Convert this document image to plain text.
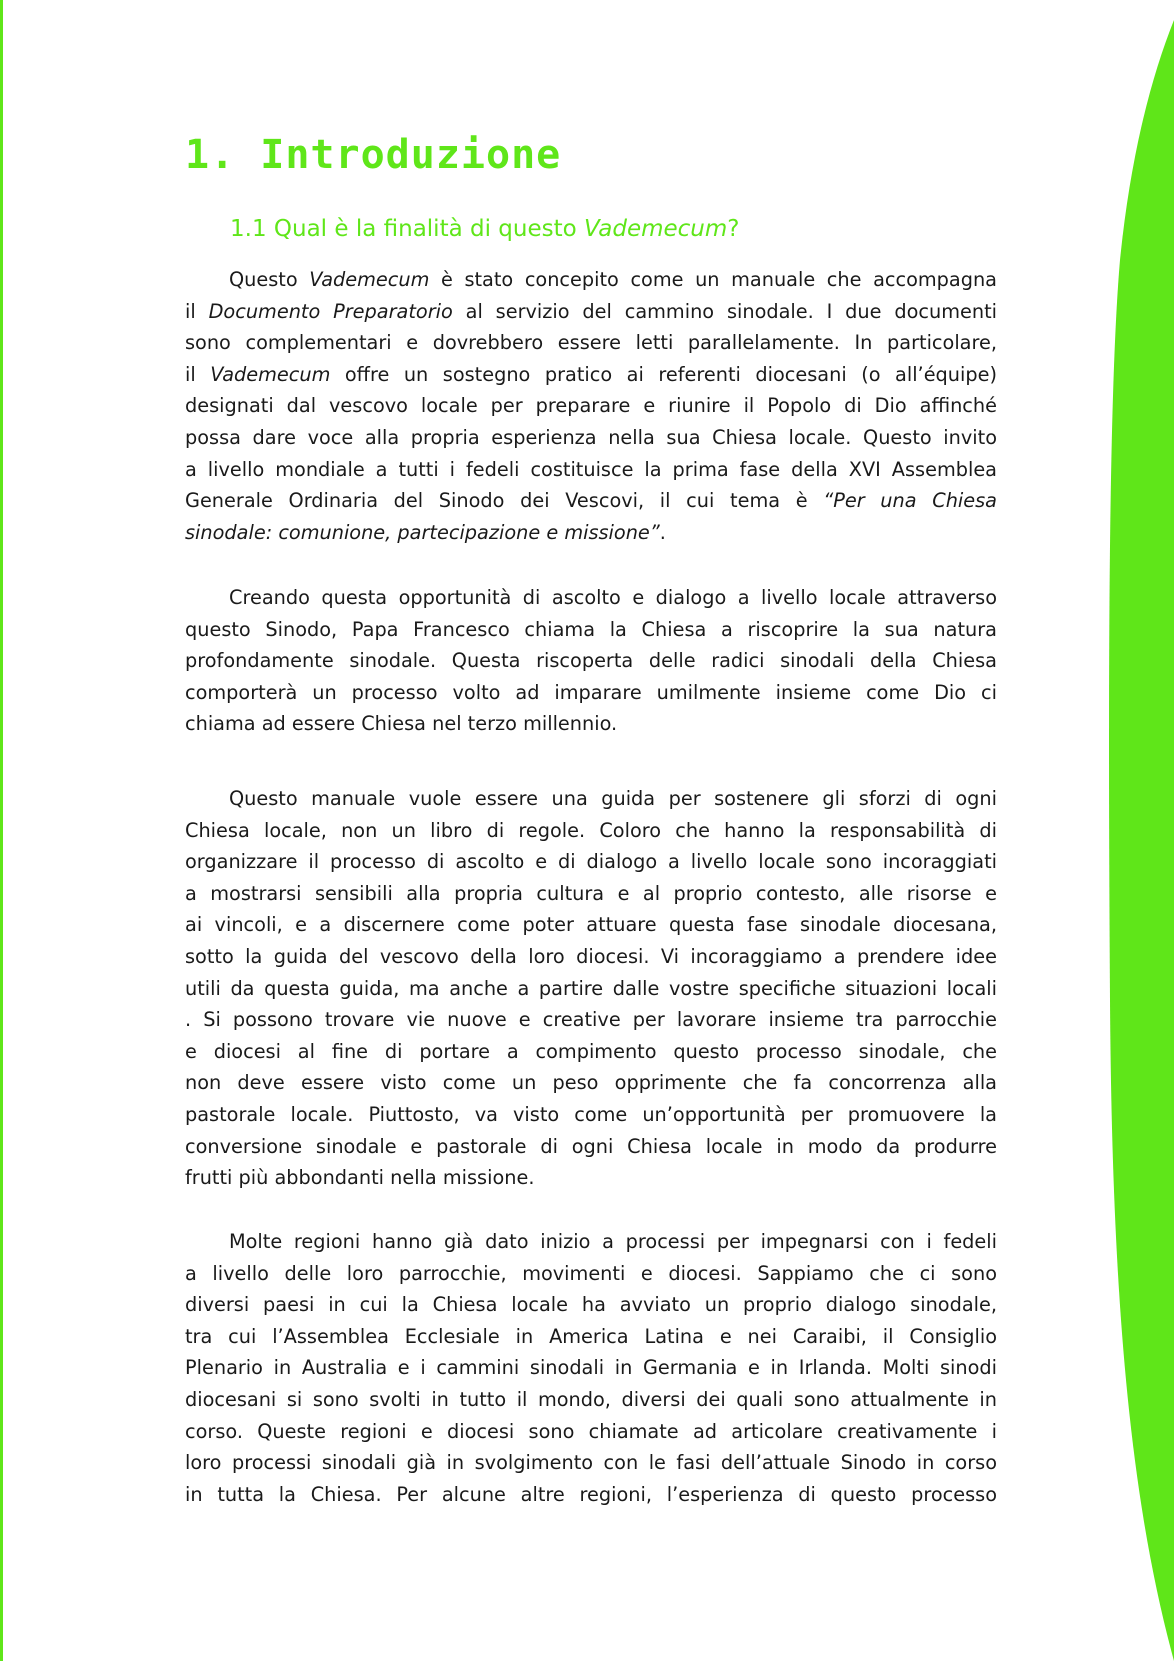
1. Introduzione
1.1 Qual è la finalità di questo Vademecum?
Questo Vademecum è stato concepito come un manuale che accompagna
il Documento Preparatorio al servizio del cammino sinodale. I due documenti
sono complementari e dovrebbero essere letti parallelamente. In particolare,
il Vademecum offre un sostegno pratico ai referenti diocesani (o all’équipe)
designati dal vescovo locale per preparare e riunire il Popolo di Dio affinché
possa dare voce alla propria esperienza nella sua Chiesa locale. Questo invito
a livello mondiale a tutti i fedeli costituisce la prima fase della XVI Assemblea
Generale Ordinaria del Sinodo dei Vescovi, il cui tema è “Per una Chiesa
sinodale: comunione, partecipazione e missione”.
Creando questa opportunità di ascolto e dialogo a livello locale attraverso
questo Sinodo, Papa Francesco chiama la Chiesa a riscoprire la sua natura
profondamente sinodale. Questa riscoperta delle radici sinodali della Chiesa
comporterà un processo volto ad imparare umilmente insieme come Dio ci
chiama ad essere Chiesa nel terzo millennio.
Questo manuale vuole essere una guida per sostenere gli sforzi di ogni
Chiesa locale, non un libro di regole. Coloro che hanno la responsabilità di
organizzare il processo di ascolto e di dialogo a livello locale sono incoraggiati
a mostrarsi sensibili alla propria cultura e al proprio contesto, alle risorse e
ai vincoli, e a discernere come poter attuare questa fase sinodale diocesana,
sotto la guida del vescovo della loro diocesi. Vi incoraggiamo a prendere idee
utili da questa guida, ma anche a partire dalle vostre specifiche situazioni locali
. Si possono trovare vie nuove e creative per lavorare insieme tra parrocchie
e diocesi al fine di portare a compimento questo processo sinodale, che
non deve essere visto come un peso opprimente che fa concorrenza alla
pastorale locale. Piuttosto, va visto come un’opportunità per promuovere la
conversione sinodale e pastorale di ogni Chiesa locale in modo da produrre
frutti più abbondanti nella missione.
Molte regioni hanno già dato inizio a processi per impegnarsi con i fedeli
a livello delle loro parrocchie, movimenti e diocesi. Sappiamo che ci sono
diversi paesi in cui la Chiesa locale ha avviato un proprio dialogo sinodale,
tra cui l’Assemblea Ecclesiale in America Latina e nei Caraibi, il Consiglio
Plenario in Australia e i cammini sinodali in Germania e in Irlanda. Molti sinodi
diocesani si sono svolti in tutto il mondo, diversi dei quali sono attualmente in
corso. Queste regioni e diocesi sono chiamate ad articolare creativamente i
loro processi sinodali già in svolgimento con le fasi dell’attuale Sinodo in corso
in tutta la Chiesa. Per alcune altre regioni, l’esperienza di questo processo
